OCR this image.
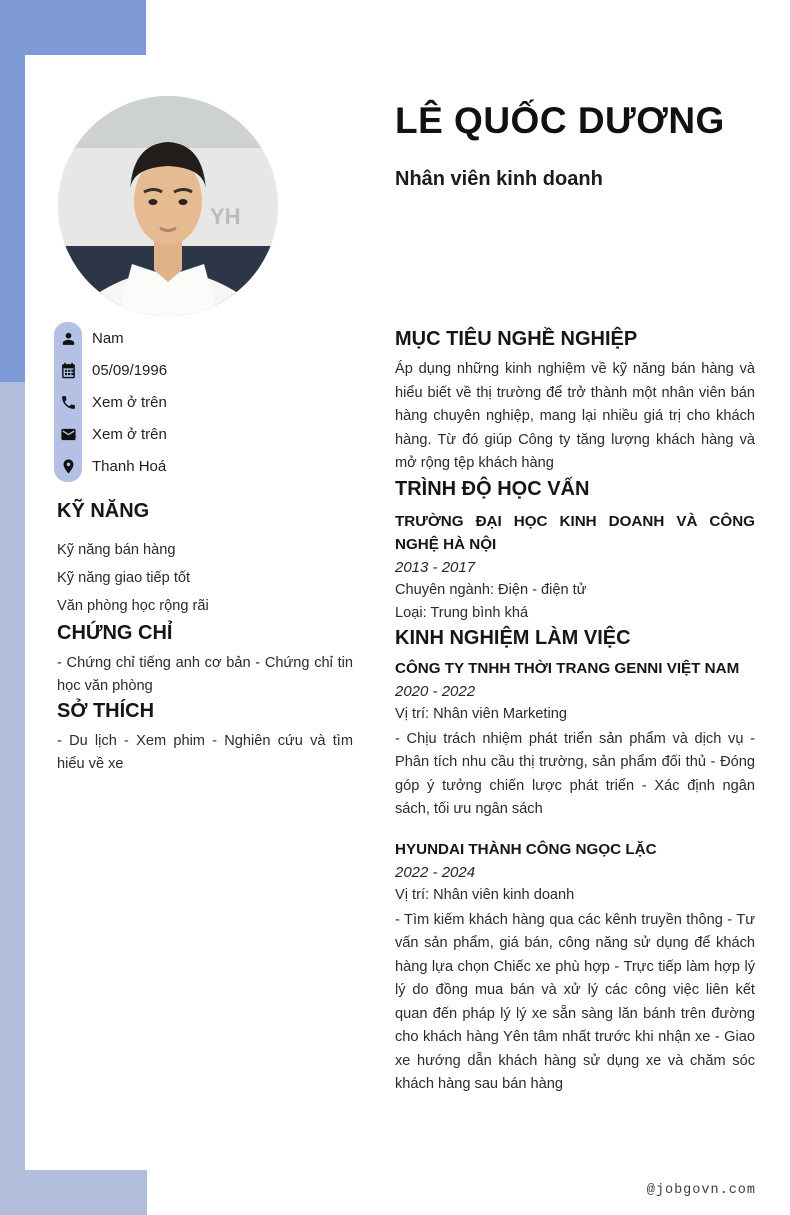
YH
LÊ QUỐC DƯƠNG
Nhân viên kinh doanh
Nam
05/09/1996
Xem ở trên
Xem ở trên
Thanh Hoá
KỸ NĂNG
Kỹ năng bán hàng
Kỹ năng giao tiếp tốt
Văn phòng học rộng rãi
CHỨNG CHỈ

- Chứng chỉ tiếng anh cơ bản - Chứng chỉ tin học văn phòng

SỞ THÍCH

- Du lịch - Xem phim - Nghiên cứu và tìm hiểu về xe

MỤC TIÊU NGHỀ NGHIỆP

Áp dụng những kinh nghiệm về kỹ năng bán hàng và hiểu biết về thị trường để trở thành một nhân viên bán hàng chuyên nghiệp, mang lại nhiều giá trị cho khách hàng. Từ đó giúp Công ty tăng lượng khách hàng và mở rộng tệp khách hàng

TRÌNH ĐỘ HỌC VẤN

TRƯỜNG ĐẠI HỌC KINH DOANH VÀ CÔNG NGHỆ HÀ NỘI

2013 - 2017
Chuyên ngành: Điện - điện tử
Loại: Trung bình khá
KINH NGHIỆM LÀM VIỆC

CÔNG TY TNHH THỜI TRANG GENNI VIỆT NAM

2020 - 2022
Vị trí: Nhân viên Marketing

- Chịu trách nhiệm phát triển sản phẩm và dịch vụ - Phân tích nhu cầu thị trường, sản phẩm đối thủ - Đóng góp ý tưởng chiến lược phát triển - Xác định ngân sách, tối ưu ngân sách

HYUNDAI THÀNH CÔNG NGỌC LẶC

2022 - 2024
Vị trí: Nhân viên kinh doanh

- Tìm kiếm khách hàng qua các kênh truyền thông - Tư vấn sản phẩm, giá bán, công năng sử dụng để khách hàng lựa chọn Chiếc xe phù hợp - Trực tiếp làm hợp lý lý do đồng mua bán và xử lý các công việc liên kết quan đến pháp lý lý xe sẵn sàng lăn bánh trên đường cho khách hàng Yên tâm nhất trước khi nhận xe - Giao xe hướng dẫn khách hàng sử dụng xe và chăm sóc khách hàng sau bán hàng

@jobgovn.com
